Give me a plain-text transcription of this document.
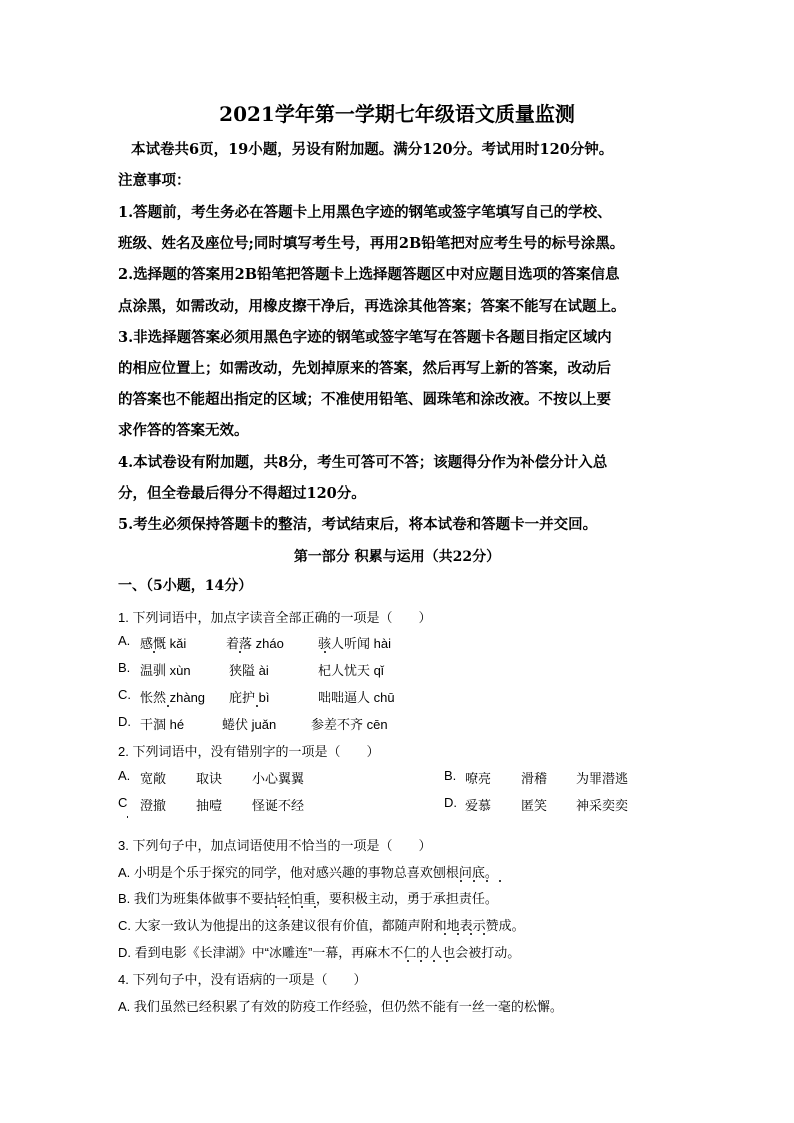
2021学年第一学期七年级语文质量监测
本试卷共6页，19小题，另设有附加题。满分120分。考试用时120分钟。
注意事项：
1.答题前，考生务必在答题卡上用黑色字迹的钢笔或签字笔填写自己的学校、
班级、姓名及座位号;同时填写考生号，再用2B铅笔把对应考生号的标号涂黑。
2.选择题的答案用2B铅笔把答题卡上选择题答题区中对应题目选项的答案信息
点涂黑，如需改动，用橡皮擦干净后，再选涂其他答案；答案不能写在试题上。
3.非选择题答案必须用黑色字迹的钢笔或签字笔写在答题卡各题目指定区域内
的相应位置上；如需改动，先划掉原来的答案，然后再写上新的答案，改动后
的答案也不能超出指定的区域；不准使用铅笔、圆珠笔和涂改液。不按以上要
求作答的答案无效。
4.本试卷设有附加题，共8分，考生可答可不答；该题得分作为补偿分计入总
分，但全卷最后得分不得超过120分。
5.考生必须保持答题卡的整洁，考试结束后，将本试卷和答题卡一并交回。
第一部分 积累与运用（共22分）
一、（5小题，14分）
1. 下列词语中，加点字读音全部正确的一项是（　　）
A. 感慨 kǎi	着落 zháo	骇人听闻 hài
B. 温驯 xùn	狭隘 ài	杞人忧天 qǐ
C. 怅然 zhàng 庇护 bì	咄咄逼人 chū
D. 干涸 hé	蜷伏 juǎn	参差不齐 cēn
2. 下列词语中，没有错别字的一项是（　　）
A. 宽敞 取诀 小心翼翼	B. 嘹亮 滑稽 为罪潜逃
C 澄撤 抽噎 怪诞不经	D. 爱慕 匿笑 神采奕奕
3. 下列句子中，加点词语使用不恰当的一项是（　　）
A. 小明是个乐于探究的同学，他对感兴趣的事物总喜欢刨根问底。
B. 我们为班集体做事不要拈轻怕重，要积极主动，勇于承担责任。
C. 大家一致认为他提出的这条建议很有价值，都随声附和地表示赞成。
D. 看到电影《长津湖》中“冰雕连”一幕，再麻木不仁的人也会被打动。
4. 下列句子中，没有语病的一项是（　　）
A. 我们虽然已经积累了有效的防疫工作经验，但仍然不能有一丝一毫的松懈。
